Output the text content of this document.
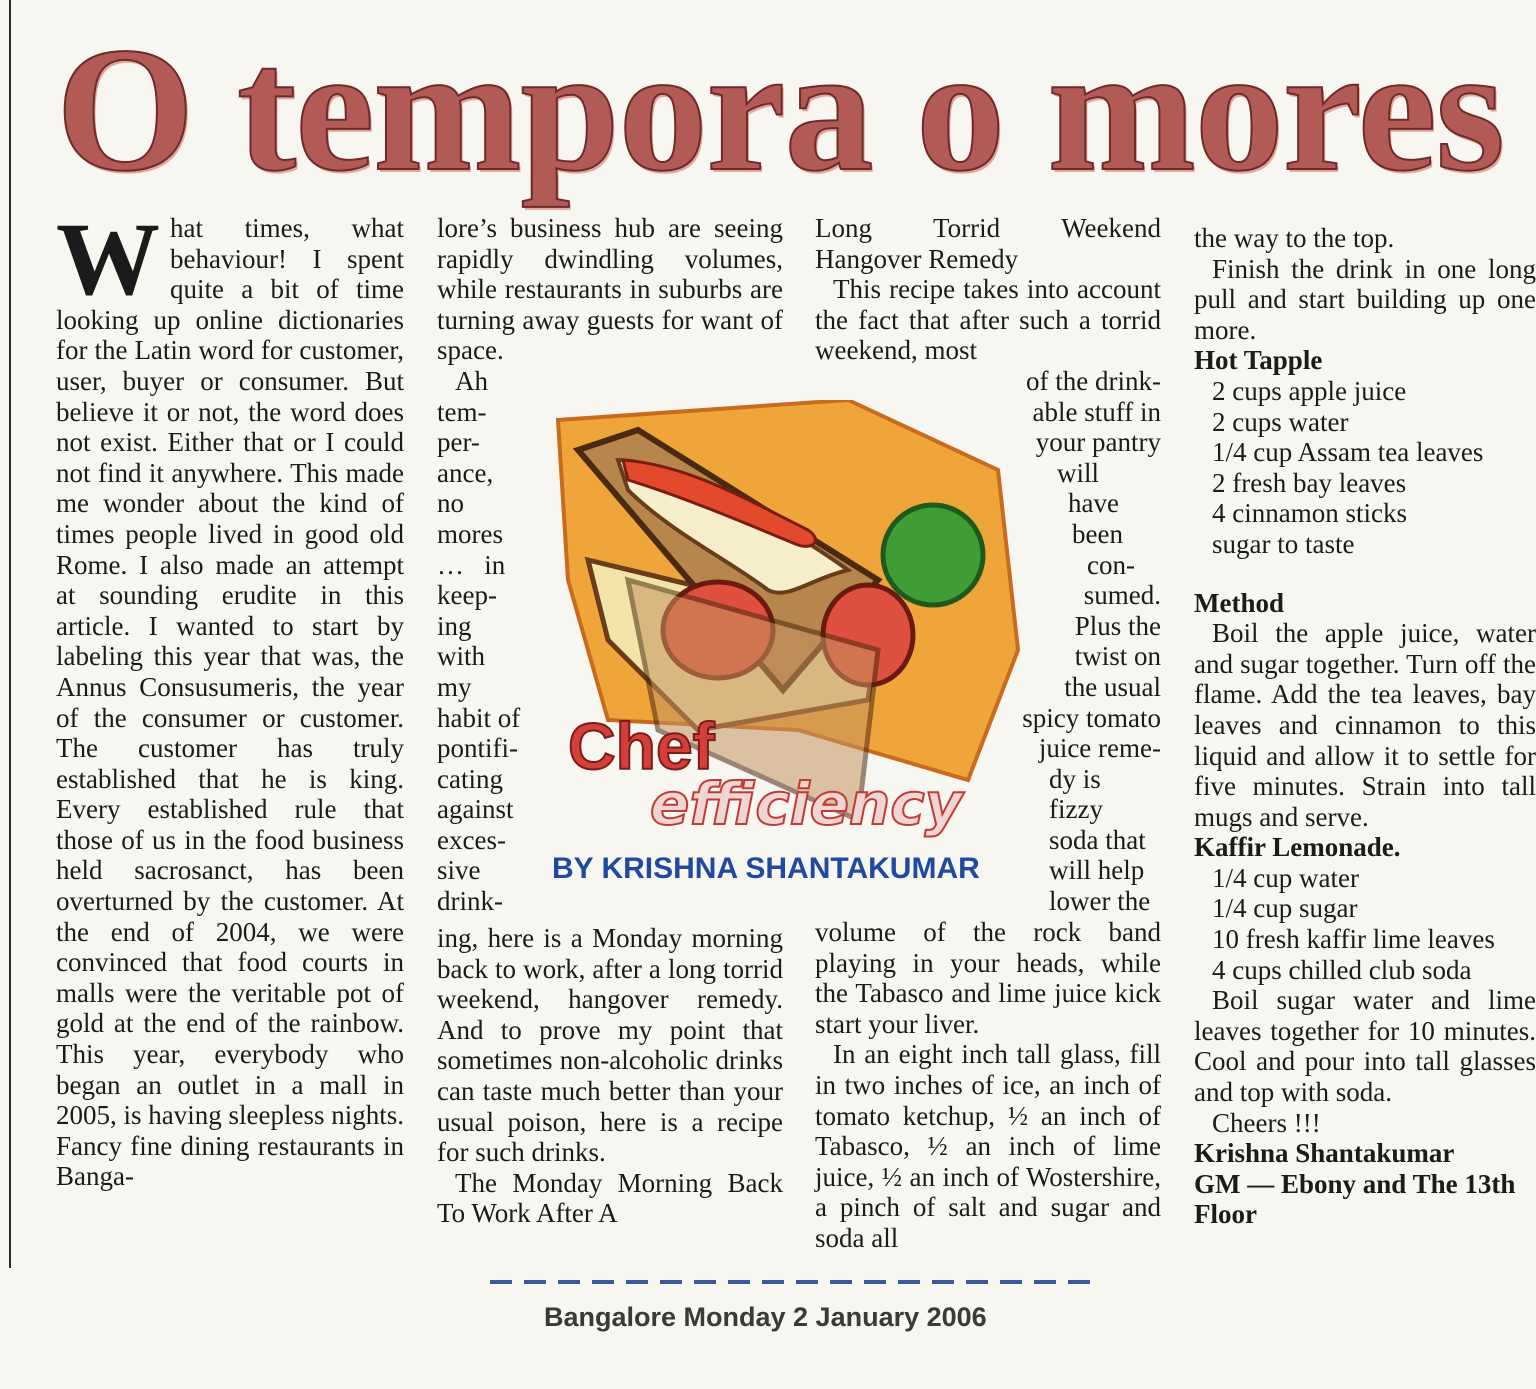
O tempora o mores

What times, what behaviour! I spent quite a bit of time looking up online dictionaries for the Latin word for customer, user, buyer or consumer. But believe it or not, the word does not exist. Either that or I could not find it anywhere. This made me wonder about the kind of times people lived in good old Rome. I also made an attempt at sounding erudite in this article. I wanted to start by labeling this year that was, the Annus Consusumeris, the year of the consumer or customer. The customer has truly established that he is king. Every established rule that those of us in the food business held sacrosanct, has been overturned by the customer. At the end of 2004, we were convinced that food courts in malls were the veritable pot of gold at the end of the rainbow. This year, everybody who began an outlet in a mall in 2005, is having sleepless nights. Fancy fine dining restaurants in Banga-

lore’s business hub are seeing rapidly dwindling volumes, while restaurants in suburbs are turning away guests for want of space.

Ah
tem-
per-
ance,
no
mores
…   in
keep-
ing
with
my
habit of
pontifi-
cating
against
exces-
sive
drink-

ing, here is a Monday morning back to work, after a long torrid weekend, hangover remedy. And to prove my point that sometimes non-alcoholic drinks can taste much better than your usual poison, here is a recipe for such drinks.

The Monday Morning Back To Work After A

Long Torrid Weekend Hangover Remedy

This recipe takes into account the fact that after such a torrid weekend, most

of the drink-
able stuff in
your pantry
will
have
been
con-
sumed.
Plus the
twist on
the usual
spicy tomato
juice reme-
dy is
fizzy
soda that
will help
lower the

volume of the rock band playing in your heads, while the Tabasco and lime juice kick start your liver.

In an eight inch tall glass, fill in two inches of ice, an inch of tomato ketchup, ½ an inch of Tabasco, ½ an inch of lime juice, ½ an inch of Wostershire, a pinch of salt and sugar and soda all

the way to the top.

Finish the drink in one long pull and start building up one more.

Hot Tapple

2 cups apple juice

2 cups water

1/4 cup Assam tea leaves

2 fresh bay leaves

4 cinnamon sticks

sugar to taste

Method

Boil the apple juice, water and sugar together. Turn off the flame. Add the tea leaves, bay leaves and cinnamon to this liquid and allow it to settle for five minutes. Strain into tall mugs and serve.

Kaffir Lemonade.

1/4 cup water

1/4 cup sugar

10 fresh kaffir lime leaves

4 cups chilled club soda

Boil sugar water and lime leaves together for 10 minutes. Cool and pour into tall glasses and top with soda.

Cheers !!!

Krishna Shantakumar

GM — Ebony and The 13th Floor

Chef
efficiency
BY KRISHNA SHANTAKUMAR
Bangalore Monday 2 January 2006
